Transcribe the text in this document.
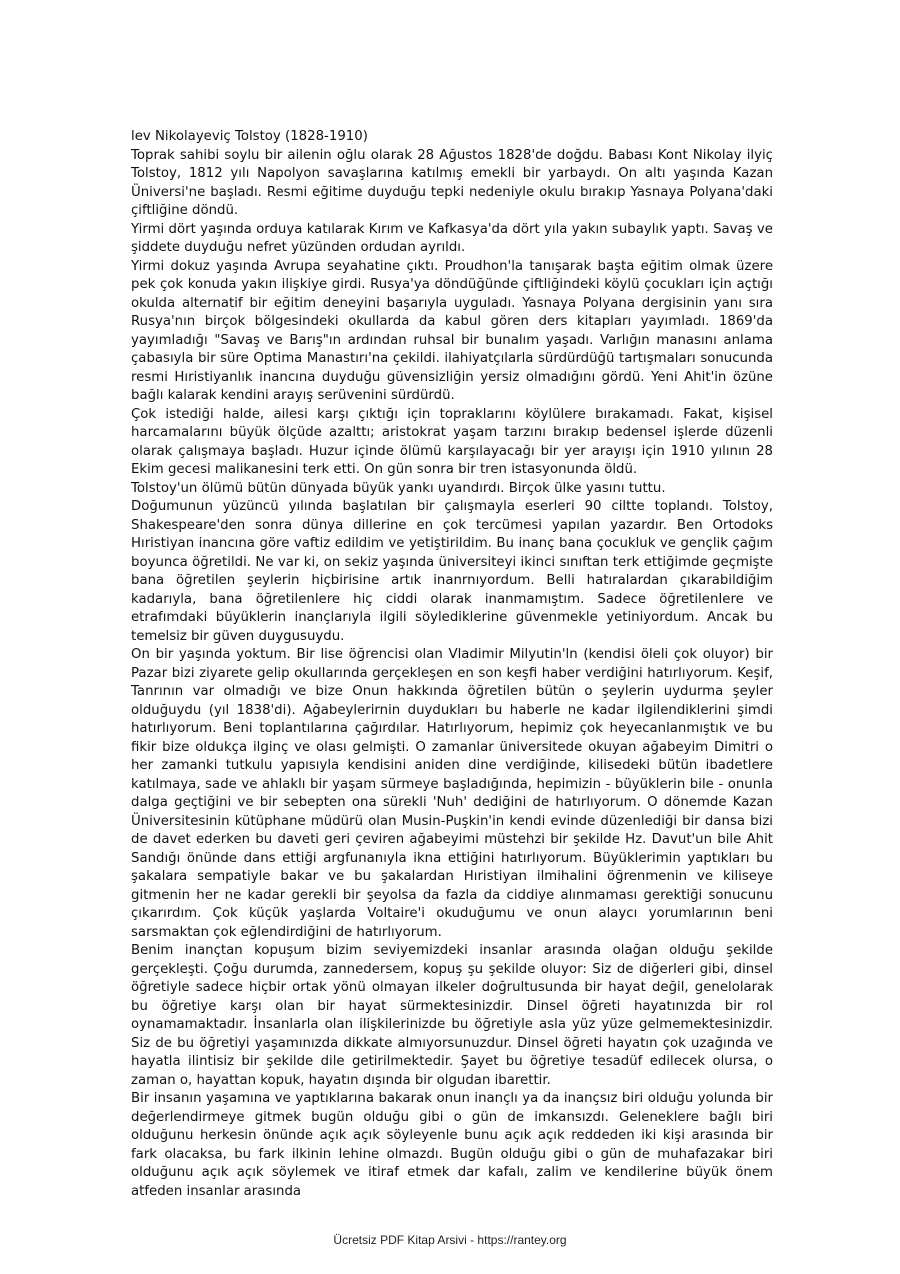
lev Nikolayeviç Tolstoy (1828-1910)

Toprak sahibi soylu bir ailenin oğlu olarak 28 Ağustos 1828'de doğdu. Babası Kont Nikolay ilyiç Tolstoy, 1812 yılı Napolyon savaşlarına katılmış emekli bir yarbaydı. On altı yaşında Kazan Üniversi'ne başladı. Resmi eğitime duyduğu tepki nedeniyle okulu bırakıp Yasnaya Polyana'daki çiftliğine döndü.

Yirmi dört yaşında orduya katılarak Kırım ve Kafkasya'da dört yıla yakın subaylık yaptı. Savaş ve şiddete duyduğu nefret yüzünden ordudan ayrıldı.

Yirmi dokuz yaşında Avrupa seyahatine çıktı. Proudhon'la tanışarak başta eğitim olmak üzere pek çok konuda yakın ilişkiye girdi. Rusya'ya döndüğünde çiftliğindeki köylü çocukları için açtığı okulda alternatif bir eğitim deneyini başarıyla uyguladı. Yasnaya Polyana dergisinin yanı sıra Rusya'nın birçok bölgesindeki okullarda da kabul gören ders kitapları yayımladı. 1869'da yayımladığı "Savaş ve Barış"ın ardından ruhsal bir bunalım yaşadı. Varlığın manasını anlama çabasıyla bir süre Optima Manastırı'na çekildi. ilahiyatçılarla sürdürdüğü tartışmaları sonucunda resmi Hıristiyanlık inancına duyduğu güvensizliğin yersiz olmadığını gördü. Yeni Ahit'in özüne bağlı kalarak kendini arayış serüvenini sürdürdü.

Çok istediği halde, ailesi karşı çıktığı için topraklarını köylülere bırakamadı. Fakat, kişisel harcamalarını büyük ölçüde azalttı; aristokrat yaşam tarzını bırakıp bedensel işlerde düzenli olarak çalışmaya başladı. Huzur içinde ölümü karşılayacağı bir yer arayışı için 1910 yılının 28 Ekim gecesi malikanesini terk etti. On gün sonra bir tren istasyonunda öldü.

Tolstoy'un ölümü bütün dünyada büyük yankı uyandırdı. Birçok ülke yasını tuttu.

Doğumunun yüzüncü yılında başlatılan bir çalışmayla eserleri 90 ciltte toplandı. Tolstoy, Shakespeare'den sonra dünya dillerine en çok tercümesi yapılan yazardır. Ben Ortodoks Hıristiyan inancına göre vaftiz edildim ve yetiştirildim. Bu inanç bana çocukluk ve gençlik çağım boyunca öğretildi. Ne var ki, on sekiz yaşında üniversiteyi ikinci sınıftan terk ettiğimde geçmişte bana öğretilen şeylerin hiçbirisine artık inanrnıyordum. Belli hatıralardan çıkarabildiğim kadarıyla, bana öğretilenlere hiç ciddi olarak inanmamıştım. Sadece öğretilenIere ve etrafımdaki büyüklerin inançlarıyla ilgili söylediklerine güvenmekle yetiniyordum. Ancak bu temelsiz bir güven duygusuydu.

On bir yaşında yoktum. Bir lise öğrencisi olan Vladimir Milyutin'ln (kendisi öleli çok oluyor) bir Pazar bizi ziyarete gelip okullarında gerçekleşen en son keşfi haber verdiğini hatırlıyorum. Keşif, Tanrının var olmadığı ve bize Onun hakkında öğretilen bütün o şeylerin uydurma şeyler olduğuydu (yıl 1838'di). Ağabeylerirnin duydukları bu haberle ne kadar ilgilendiklerini şimdi hatırlıyorum. Beni toplantılarına çağırdılar. Hatırlıyorum, hepimiz çok heyecanlanmıştık ve bu fikir bize oldukça ilginç ve olası gelmişti. O zamanlar üniversitede okuyan ağabeyim Dimitri o her zamanki tutkulu yapısıyla kendisini aniden dine verdiğinde, kilisedeki bütün ibadetlere katılmaya, sade ve ahlaklı bir yaşam sürmeye başladığında, hepimizin - büyüklerin bile - onunla dalga geçtiğini ve bir sebepten ona sürekli 'Nuh' dediğini de hatırlıyorum. O dönemde Kazan Üniversitesinin kütüphane müdürü olan Musin-Puşkin'in kendi evinde düzenlediği bir dansa bizi de davet ederken bu daveti geri çeviren ağabeyimi müstehzi bir şekilde Hz. Davut'un bile Ahit Sandığı önünde dans ettiği argfunanıyla ikna ettiğini hatırlıyorum. Büyüklerimin yaptıkları bu şakalara sempatiyle bakar ve bu şakalardan Hıristiyan ilmihalini öğrenmenin ve kiliseye gitmenin her ne kadar gerekli bir şeyolsa da fazla da ciddiye alınmaması gerektiği sonucunu çıkarırdım. Çok küçük yaşlarda Voltaire'i okuduğumu ve onun alaycı yorumlarının beni sarsmaktan çok eğlendirdiğini de hatırlıyorum.

Benim inançtan kopuşum bizim seviyemizdeki insanlar arasında olağan olduğu şekilde gerçekleşti. Çoğu durumda, zannedersem, kopuş şu şekilde oluyor: Siz de diğerleri gibi, dinsel öğretiyle sadece hiçbir ortak yönü olmayan ilkeler doğrultusunda bir hayat değil, genelolarak bu öğretiye karşı olan bir hayat sürmektesinizdir. Dinsel öğreti hayatınızda bir rol oynamamaktadır. İnsanlarla olan ilişkilerinizde bu öğretiyle asla yüz yüze gelmemektesinizdir. Siz de bu öğretiyi yaşamınızda dikkate almıyorsunuzdur. Dinsel öğreti hayatın çok uzağında ve hayatla ilintisiz bir şekilde dile getirilmektedir. Şayet bu öğretiye tesadüf edilecek olursa, o zaman o, hayattan kopuk, hayatın dışında bir olgudan ibarettir.

Bir insanın yaşamına ve yaptıklarına bakarak onun inançlı ya da inançsız biri olduğu yolunda bir değerlendirmeye gitmek bugün olduğu gibi o gün de imkansızdı. Geleneklere bağlı biri olduğunu herkesin önünde açık açık söyleyenle bunu açık açık reddeden iki kişi arasında bir fark olacaksa, bu fark ilkinin lehine olmazdı. Bugün olduğu gibi o gün de muhafazakar biri olduğunu açık açık söylemek ve itiraf etmek dar kafalı, zalim ve kendilerine büyük önem atfeden insanlar arasında

Ücretsiz PDF Kitap Arsivi - https://rantey.org
